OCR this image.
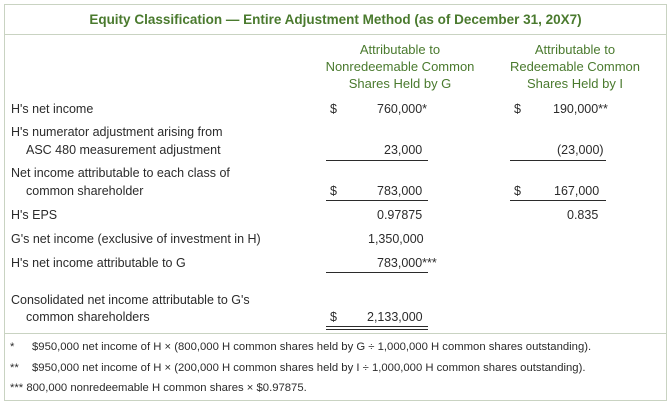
Equity Classification — Entire Adjustment Method (as of December 31, 20X7)
Attributable to
Nonredeemable Common
Shares Held by G
Attributable to
Redeemable Common
Shares Held by I
H's net income	$	760,000*	$	190,000**
H's numerator adjustment arising from
ASC 480 measurement adjustment	23,000	(23,000)
Net income attributable to each class of
common shareholder	$	783,000	$	167,000
H's EPS	0.97875	0.835
G's net income (exclusive of investment in H)	1,350,000
H's net income attributable to G	783,000***
Consolidated net income attributable to G's
common shareholders	$ 2,133,000
* $950,000 net income of H × (800,000 H common shares held by G ÷ 1,000,000 H common shares outstanding).
** $950,000 net income of H × (200,000 H common shares held by I ÷ 1,000,000 H common shares outstanding).
*** 800,000 nonredeemable H common shares × $0.97875.
